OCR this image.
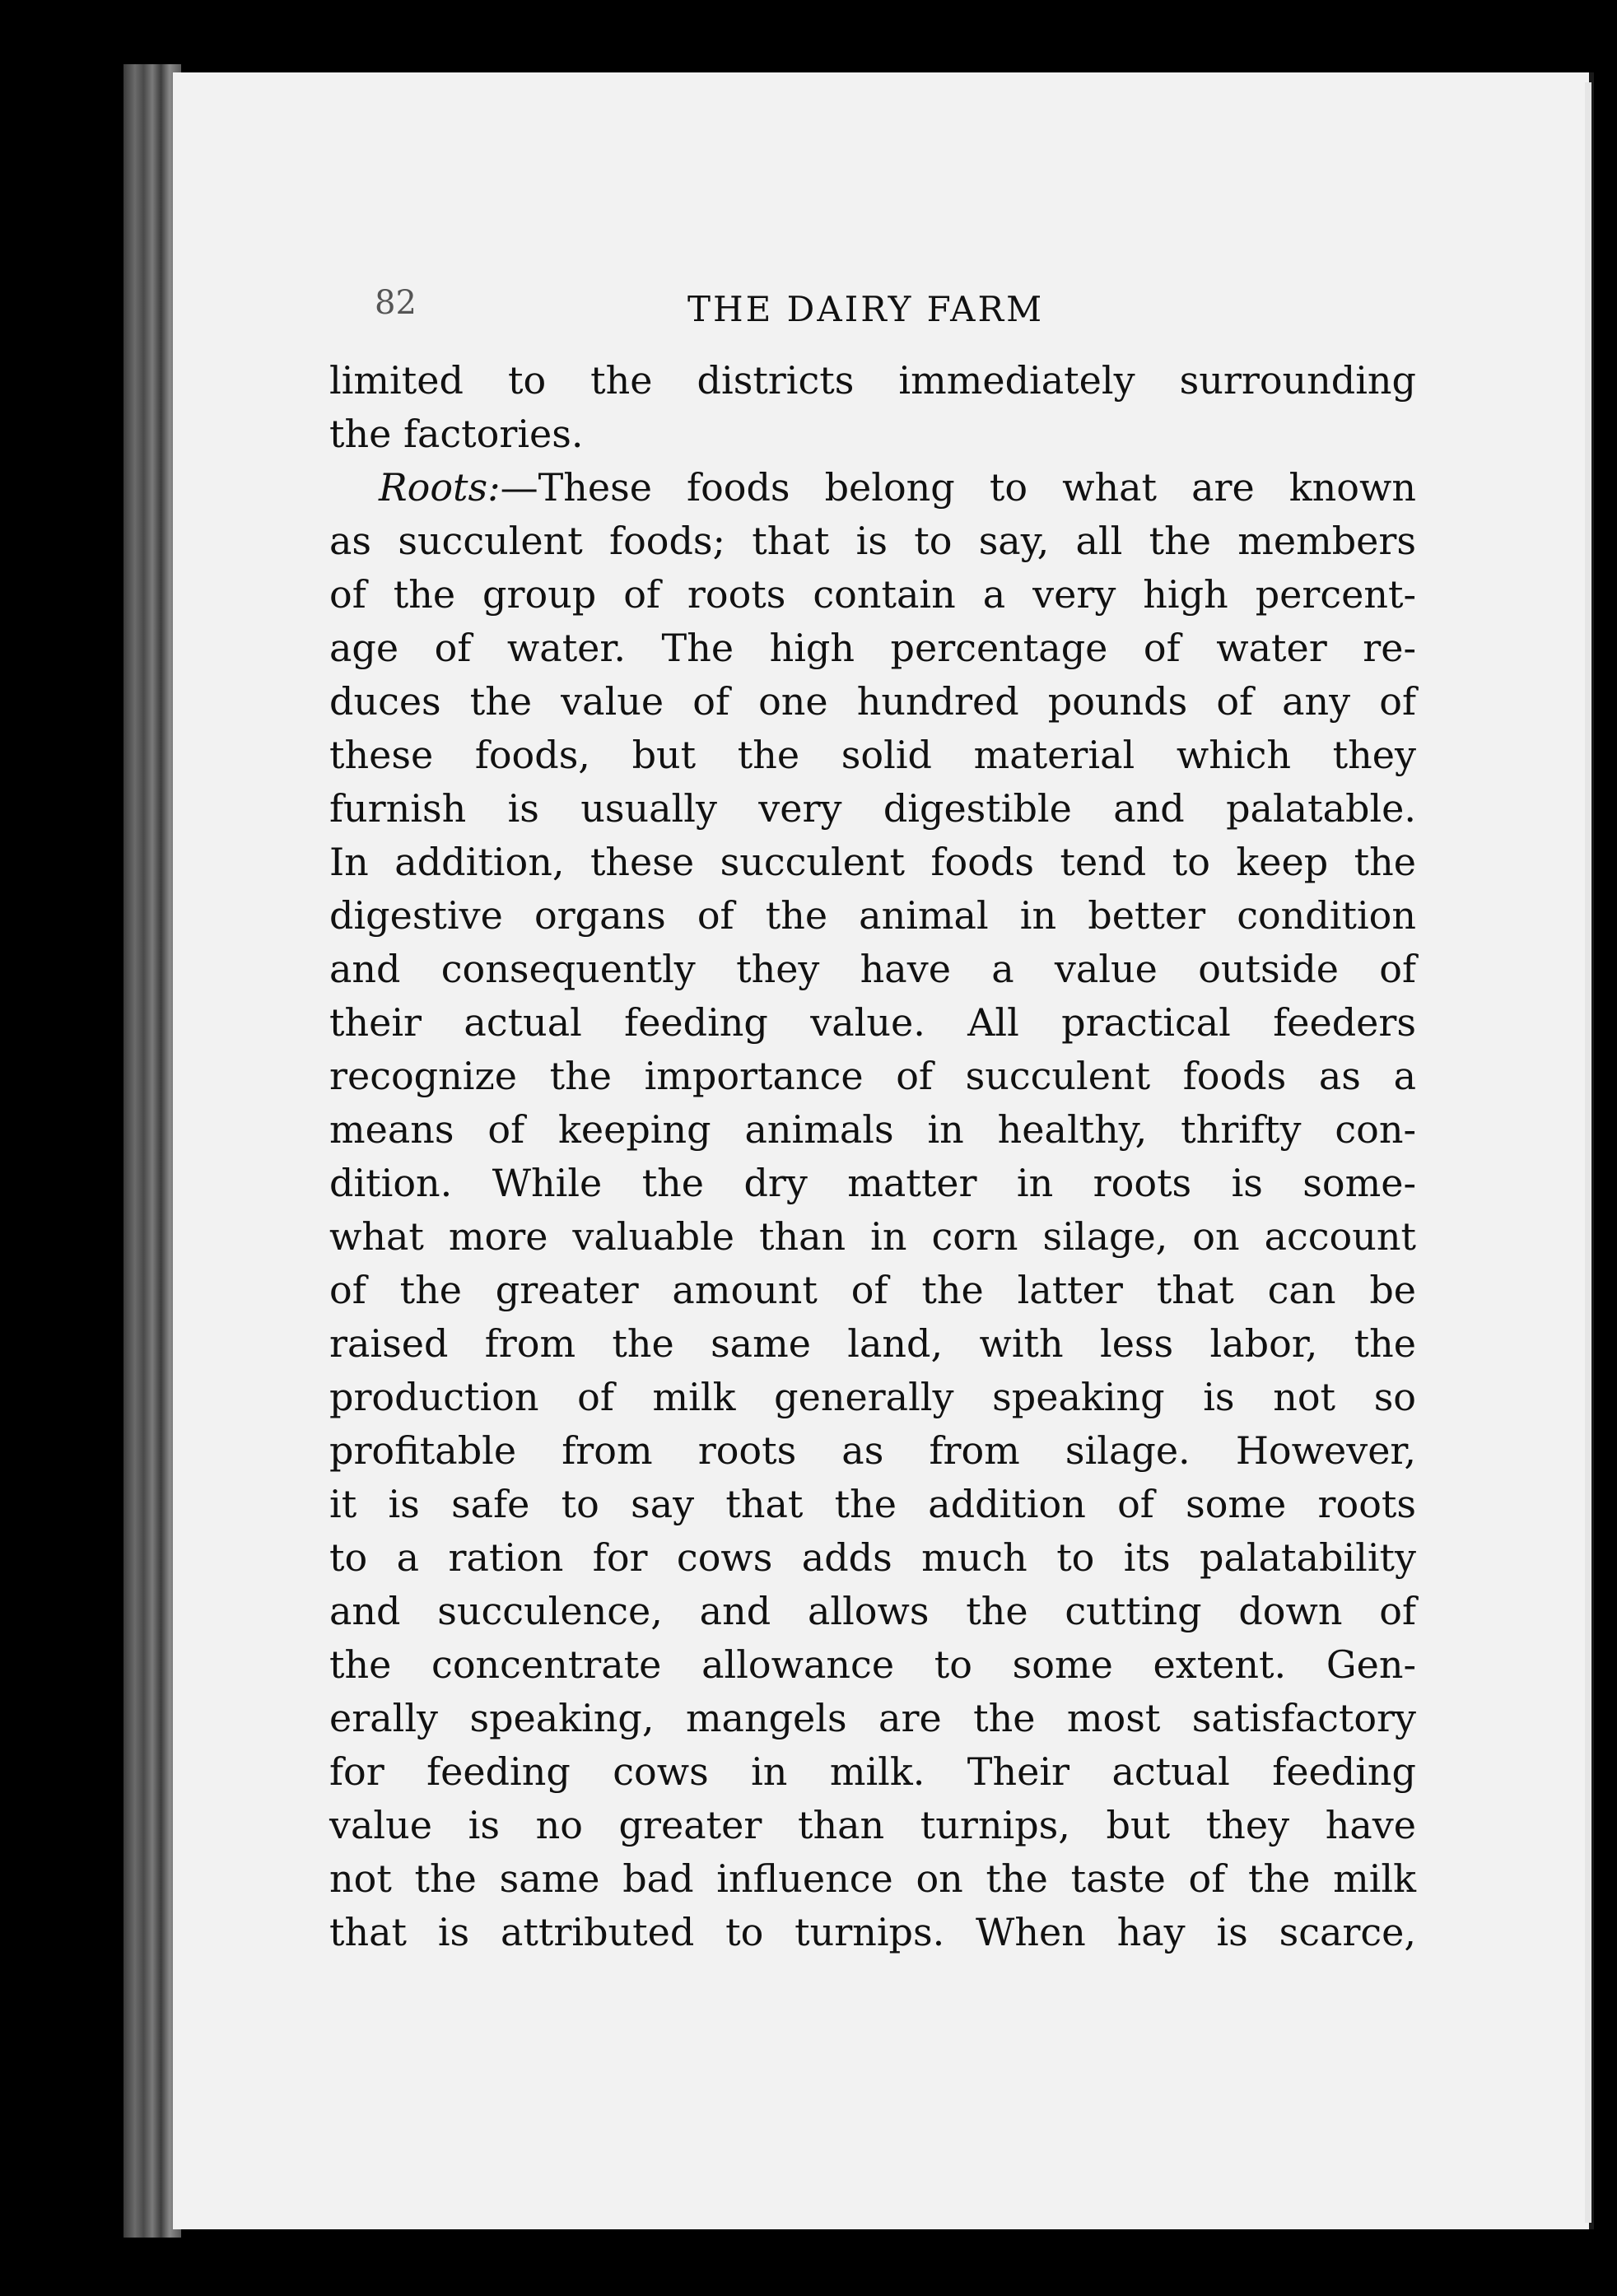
82	THE DAIRY FARM
limited to the districts immediately surrounding
the factories.
Roots:—These foods belong to what are known
as succulent foods; that is to say, all the members
of the group of roots contain a very high percent-
age of water. The high percentage of water re-
duces the value of one hundred pounds of any of
these foods, but the solid material which they
furnish is usually very digestible and palatable.
In addition, these succulent foods tend to keep the
digestive organs of the animal in better condition
and consequently they have a value outside of
their actual feeding value. All practical feeders
recognize the importance of succulent foods as a
means of keeping animals in healthy, thrifty con-
dition. While the dry matter in roots is some-
what more valuable than in corn silage, on account
of the greater amount of the latter that can be
raised from the same land, with less labor, the
production of milk generally speaking is not so
profitable from roots as from silage. However,
it is safe to say that the addition of some roots
to a ration for cows adds much to its palatability
and succulence, and allows the cutting down of
the concentrate allowance to some extent. Gen-
erally speaking, mangels are the most satisfactory
for feeding cows in milk. Their actual feeding
value is no greater than turnips, but they have
not the same bad influence on the taste of the milk
that is attributed to turnips. When hay is scarce,
